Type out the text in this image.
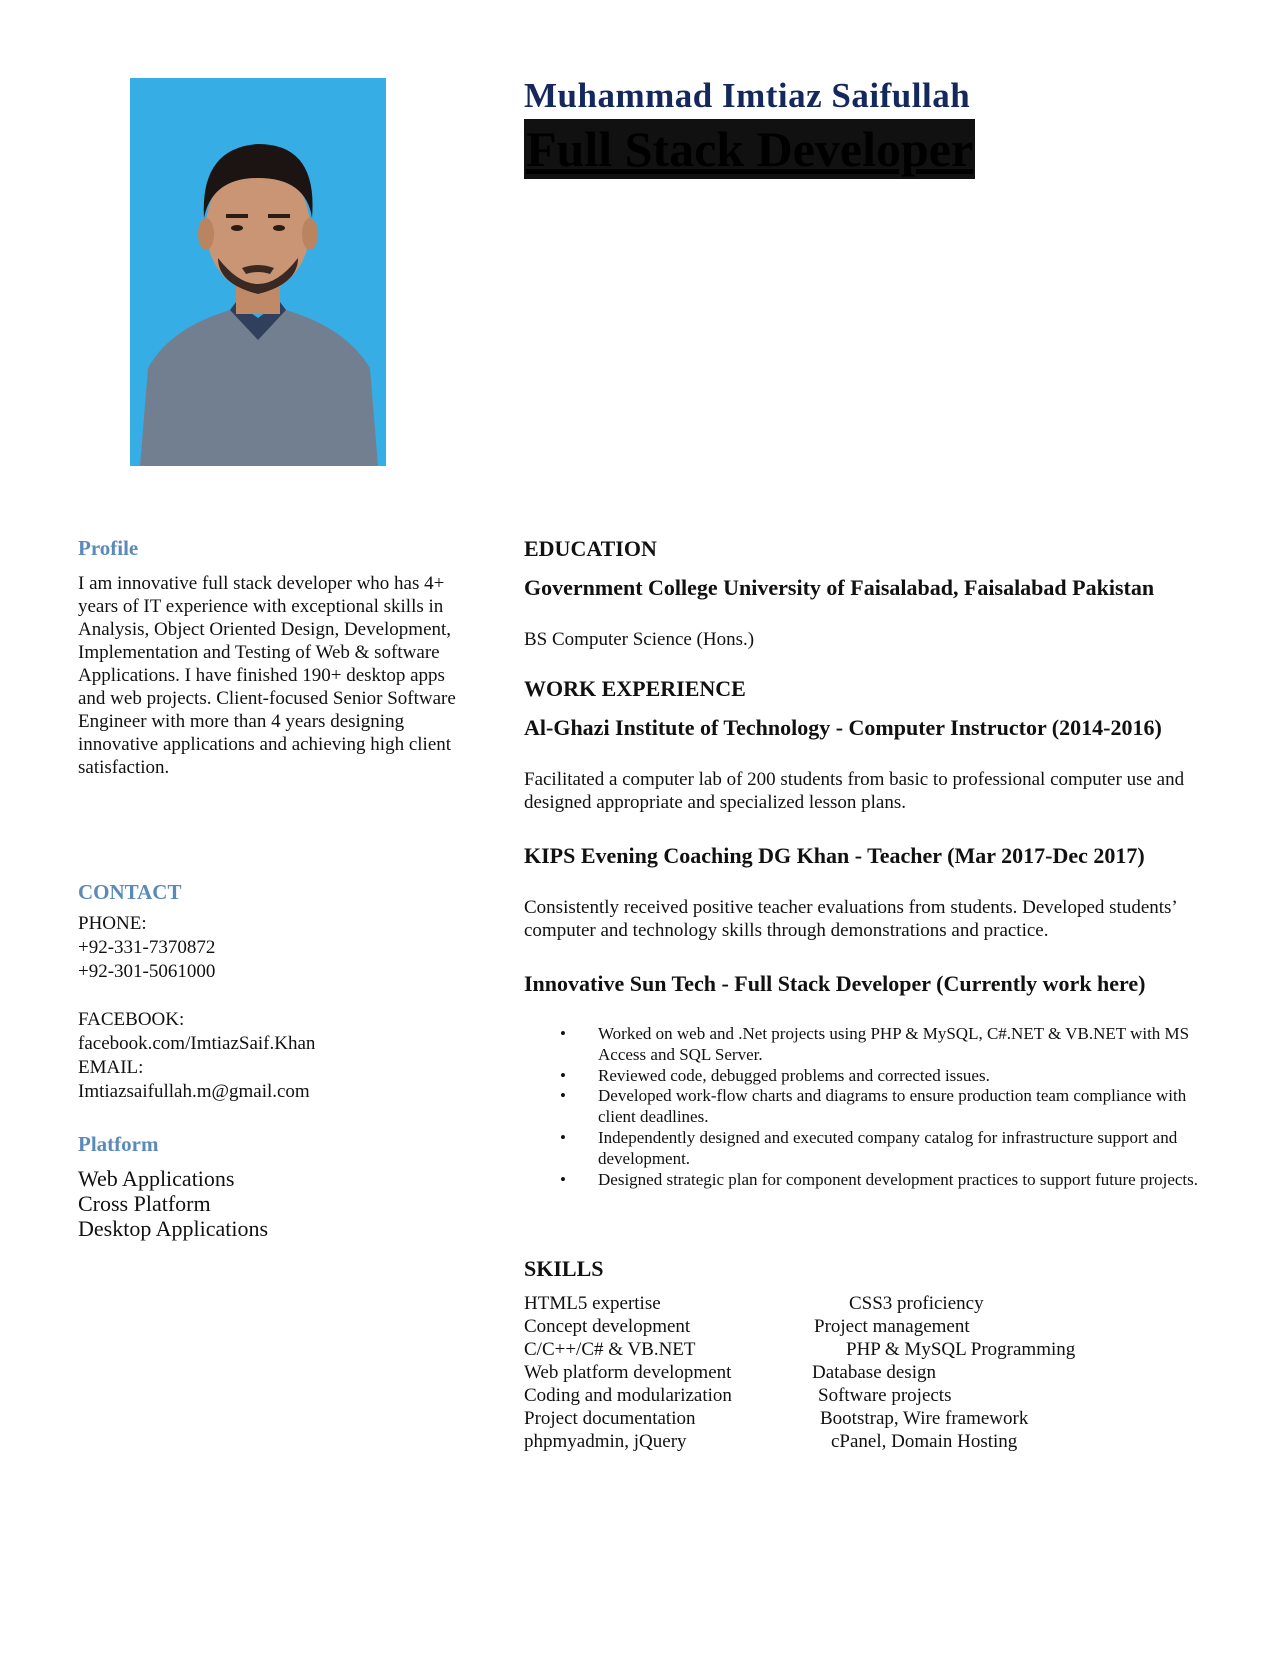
Muhammad Imtiaz Saifullah
Full Stack Developer
Profile
I am innovative full stack developer who has 4+ years of IT experience with exceptional skills in Analysis, Object Oriented Design, Development, Implementation and Testing of Web & software Applications. I have finished 190+ desktop apps and web projects. Client-focused Senior Software Engineer with more than 4 years designing innovative applications and achieving high client satisfaction.
CONTACT
PHONE:
+92-331-7370872
+92-301-5061000
FACEBOOK:
facebook.com/ImtiazSaif.Khan
EMAIL:
Imtiazsaifullah.m@gmail.com
Platform
Web Applications
Cross Platform
Desktop Applications
EDUCATION
Government College University of Faisalabad, Faisalabad Pakistan
BS Computer Science (Hons.)
WORK EXPERIENCE
Al-Ghazi Institute of Technology - Computer Instructor (2014-2016)
Facilitated a computer lab of 200 students from basic to professional computer use and designed appropriate and specialized lesson plans.
KIPS Evening Coaching DG Khan - Teacher (Mar 2017-Dec 2017)
Consistently received positive teacher evaluations from students. Developed students’ computer and technology skills through demonstrations and practice.
Innovative Sun Tech - Full Stack Developer (Currently work here)
• Worked on web and .Net projects using PHP & MySQL, C#.NET & VB.NET with MS Access and SQL Server.
• Reviewed code, debugged problems and corrected issues.
• Developed work-flow charts and diagrams to ensure production team compliance with client deadlines.
• Independently designed and executed company catalog for infrastructure support and development.
• Designed strategic plan for component development practices to support future projects.
SKILLS
HTML5 expertise	CSS3 proficiency
Concept development	Project management
C/C++/C# & VB.NET	PHP & MySQL Programming
Web platform development	Database design
Coding and modularization	Software projects
Project documentation	Bootstrap, Wire framework
phpmyadmin, jQuery	cPanel, Domain Hosting
